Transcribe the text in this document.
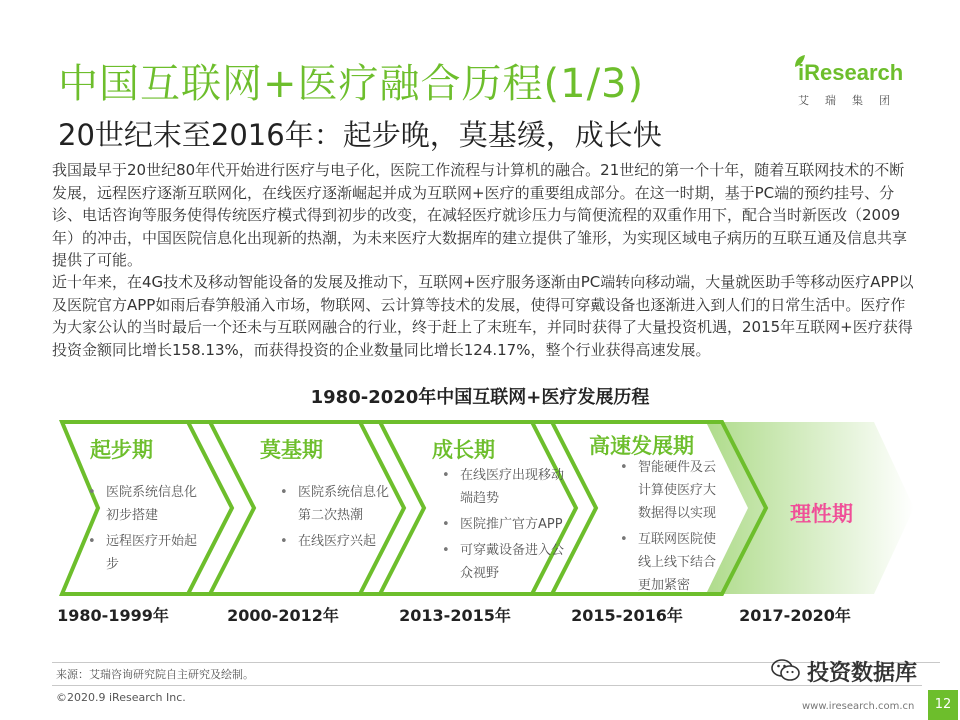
中国互联网+医疗融合历程(1/3)
20世纪末至2016年：起步晚，莫基缓，成长快
iResearch
艾瑞集团

我国最早于20世纪80年代开始进行医疗与电子化，医院工作流程与计算机的融合。21世纪的第一个十年，随着互联网技术的不断发展，远程医疗逐渐互联网化，在线医疗逐渐崛起并成为互联网+医疗的重要组成部分。在这一时期，基于PC端的预约挂号、分诊、电话咨询等服务使得传统医疗模式得到初步的改变，在减轻医疗就诊压力与简便流程的双重作用下，配合当时新医改（2009年）的冲击，中国医院信息化出现新的热潮，为未来医疗大数据库的建立提供了雏形，为实现区域电子病历的互联互通及信息共享提供了可能。

近十年来，在4G技术及移动智能设备的发展及推动下，互联网+医疗服务逐渐由PC端转向移动端，大量就医助手等移动医疗APP以及医院官方APP如雨后春笋般涌入市场，物联网、云计算等技术的发展，使得可穿戴设备也逐渐进入到人们的日常生活中。医疗作为大家公认的当时最后一个还未与互联网融合的行业，终于赶上了末班车，并同时获得了大量投资机遇，2015年互联网+医疗获得投资金额同比增长158.13%，而获得投资的企业数量同比增长124.17%，整个行业获得高速发展。

1980-2020年中国互联网+医疗发展历程
起步期
• 医院系统信息化初步搭建
• 远程医疗开始起步
莫基期
• 医院系统信息化第二次热潮
• 在线医疗兴起
成长期
• 在线医疗出现移动端趋势
• 医院推广官方APP
• 可穿戴设备进入公众视野
高速发展期
• 智能硬件及云计算使医疗大数据得以实现
• 互联网医院使线上线下结合更加紧密
理性期
1980-1999年	2000-2012年	2013-2015年	2015-2016年	2017-2020年
来源：艾瑞咨询研究院自主研究及绘制。
©2020.9 iResearch Inc.
www.iresearch.com.cn
投资数据库
12
